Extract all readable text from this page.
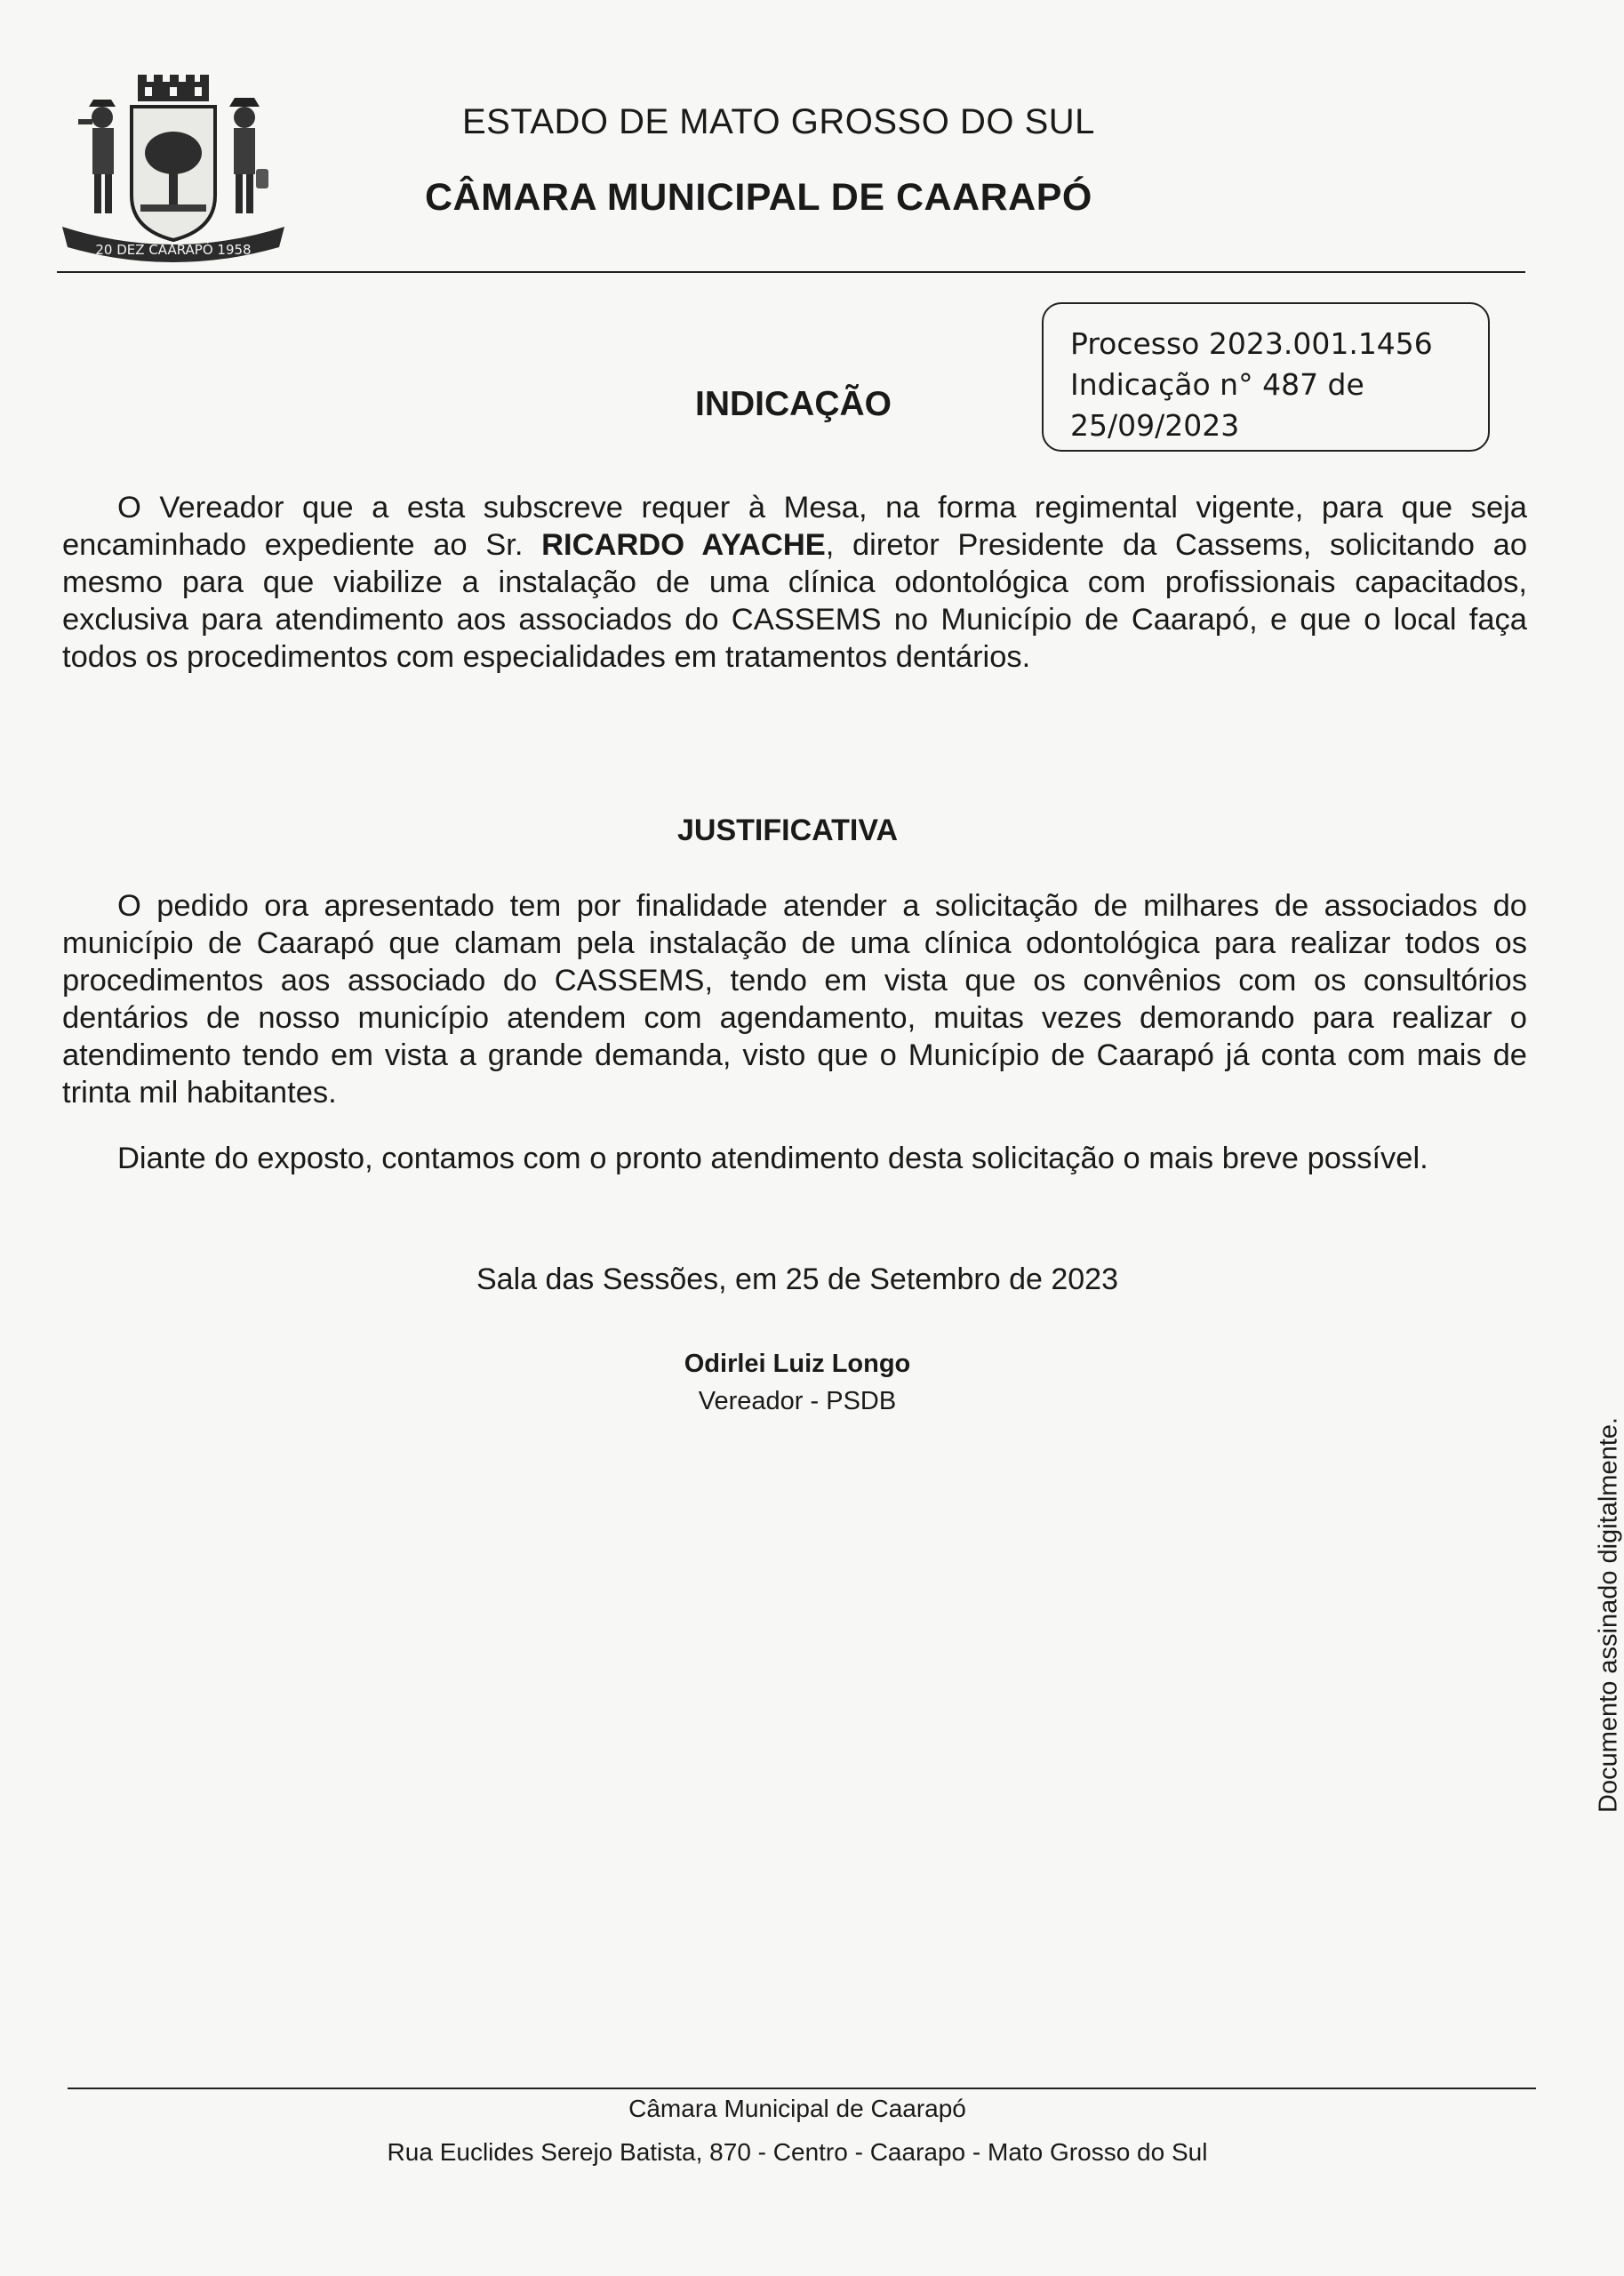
20 DEZ CAARAPÓ 1958
ESTADO DE MATO GROSSO DO SUL
CÂMARA MUNICIPAL DE CAARAPÓ
Processo 2023.001.1456
Indicação n° 487 de
25/09/2023
INDICAÇÃO

O Vereador que a esta subscreve requer à Mesa, na forma regimental vigente, para que seja encaminhado expediente ao Sr. RICARDO AYACHE, diretor Presidente da Cassems, solicitando ao mesmo para que viabilize a instalação de uma clínica odontológica com profissionais capacitados, exclusiva para atendimento aos associados do CASSEMS no Município de Caarapó, e que o local faça todos os procedimentos com especialidades em tratamentos dentários.

JUSTIFICATIVA

O pedido ora apresentado tem por finalidade atender a solicitação de milhares de associados do município de Caarapó que clamam pela instalação de uma clínica odontológica para realizar todos os procedimentos aos associado do CASSEMS, tendo em vista que os convênios com os consultórios dentários de nosso município atendem com agendamento, muitas vezes demorando para realizar o atendimento tendo em vista a grande demanda, visto que o Município de Caarapó já conta com mais de trinta mil habitantes.

Diante do exposto, contamos com o pronto atendimento desta solicitação o mais breve possível.

Sala das Sessões, em 25 de Setembro de 2023
Odirlei Luiz Longo
Vereador - PSDB
Documento assinado digitalmente.
Câmara Municipal de Caarapó
Rua Euclides Serejo Batista, 870 - Centro - Caarapo - Mato Grosso do Sul
